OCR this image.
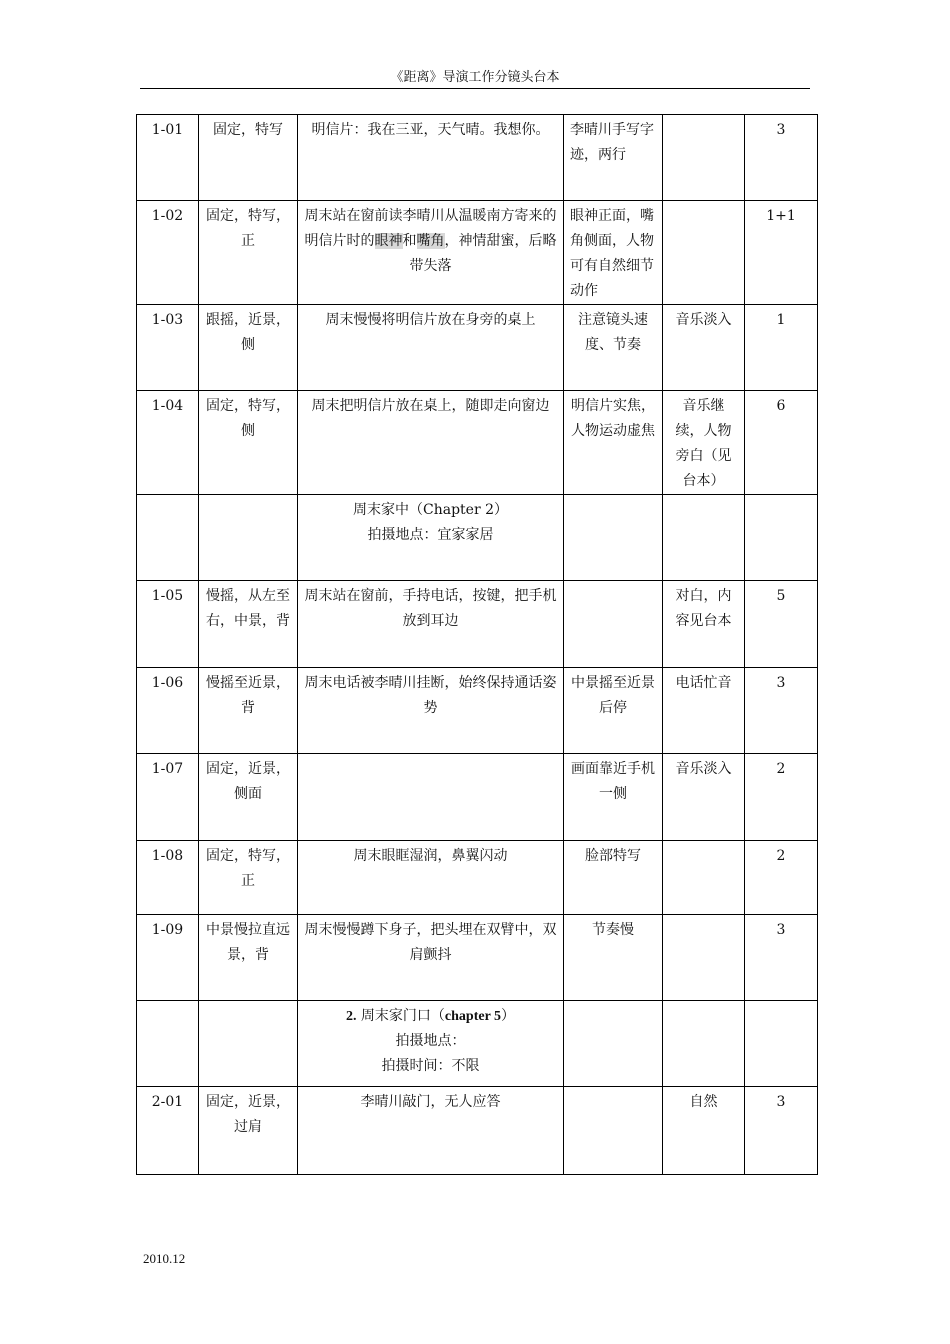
《距离》导演工作分镜头台本
1-01	固定，特写	明信片：我在三亚，天气晴。我想你。	李晴川手写字迹，两行		3
1-02	固定，特写，正	周末站在窗前读李晴川从温暖南方寄来的明信片时的眼神和嘴角，神情甜蜜，后略带失落	眼神正面，嘴角侧面，人物可有自然细节动作		1+1
1-03	跟摇，近景，侧	周末慢慢将明信片放在身旁的桌上	注意镜头速度、节奏	音乐淡入	1
1-04	固定，特写，侧	周末把明信片放在桌上，随即走向窗边	明信片实焦，人物运动虚焦	音乐继续，人物旁白（见台本）	6

		周末家中（Chapter 2）
拍摄地点：宜家家居			

1-05	慢摇，从左至右，中景，背	周末站在窗前，手持电话，按键，把手机放到耳边		对白，内容见台本	5
1-06	慢摇至近景，背	周末电话被李晴川挂断，始终保持通话姿势	中景摇至近景后停	电话忙音	3
1-07	固定，近景，侧面		画面靠近手机一侧	音乐淡入	2
1-08	固定，特写，正	周末眼眶湿润，鼻翼闪动	脸部特写		2
1-09	中景慢拉直远景，背	周末慢慢蹲下身子，把头埋在双臂中，双肩颤抖	节奏慢		3

		2. 周末家门口（chapter 5）
拍摄地点：
拍摄时间：不限			

2-01	固定，近景，过肩	李晴川敲门，无人应答		自然	3
2010.12
